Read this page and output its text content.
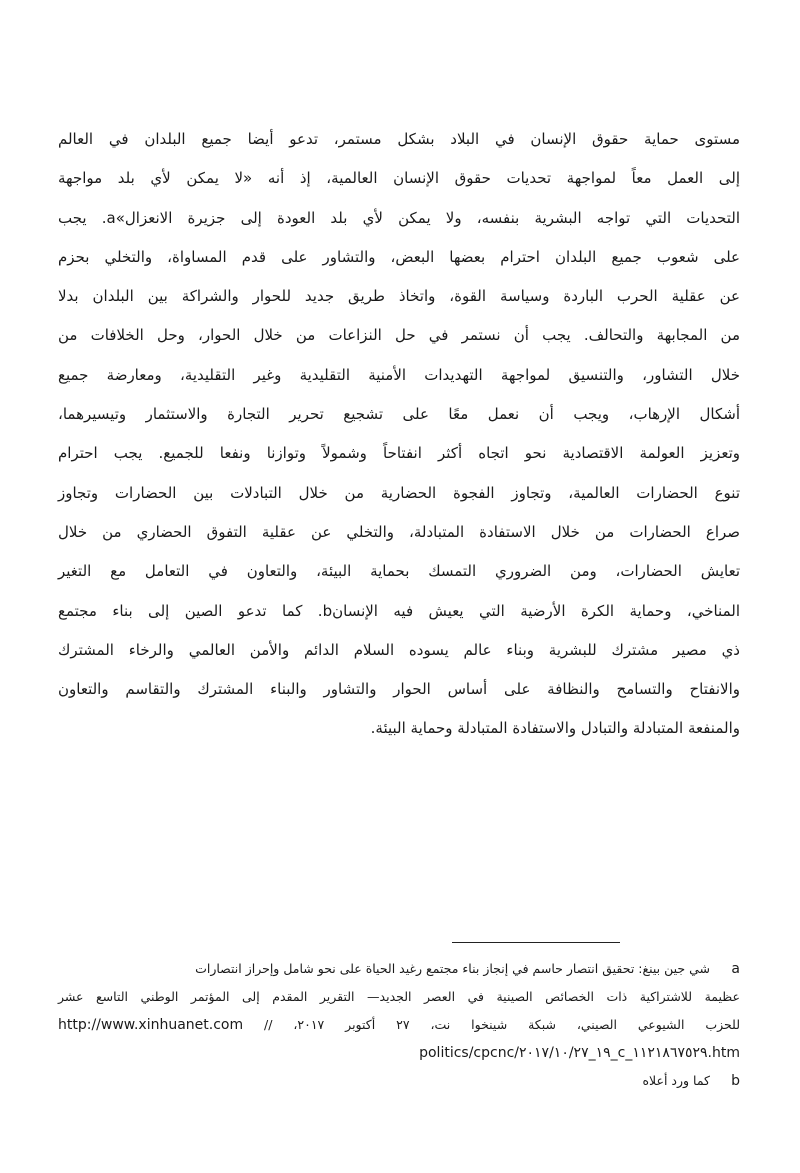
مستوى حماية حقوق الإنسان في البلاد بشكل مستمر، تدعو أيضا جميع البلدان في العالم
إلى العمل معاً لمواجهة تحديات حقوق الإنسان العالمية، إذ أنه «لا يمكن لأي بلد مواجهة
التحديات التي تواجه البشرية بنفسه، ولا يمكن لأي بلد العودة إلى جزيرة الانعزال»a. يجب
على شعوب جميع البلدان احترام بعضها البعض، والتشاور على قدم المساواة، والتخلي بحزم
عن عقلية الحرب الباردة وسياسة القوة، واتخاذ طريق جديد للحوار والشراكة بين البلدان بدلا
من المجابهة والتحالف. يجب أن نستمر في حل النزاعات من خلال الحوار، وحل الخلافات من
خلال التشاور، والتنسيق لمواجهة التهديدات الأمنية التقليدية وغير التقليدية، ومعارضة جميع
أشكال الإرهاب، ويجب أن نعمل معًا على تشجيع تحرير التجارة والاستثمار وتيسيرهما،
وتعزيز العولمة الاقتصادية نحو اتجاه أكثر انفتاحاً وشمولاً وتوازنا ونفعا للجميع. يجب احترام
تنوع الحضارات العالمية، وتجاوز الفجوة الحضارية من خلال التبادلات بين الحضارات وتجاوز
صراع الحضارات من خلال الاستفادة المتبادلة، والتخلي عن عقلية التفوق الحضاري من خلال
تعايش الحضارات، ومن الضروري التمسك بحماية البيئة، والتعاون في التعامل مع التغير
المناخي، وحماية الكرة الأرضية التي يعيش فيه الإنسانb. كما تدعو الصين إلى بناء مجتمع
ذي مصير مشترك للبشرية وبناء عالم يسوده السلام الدائم والأمن العالمي والرخاء المشترك
والانفتاح والتسامح والنظافة على أساس الحوار والتشاور والبناء المشترك والتقاسم والتعاون
والمنفعة المتبادلة والتبادل والاستفادة المتبادلة وحماية البيئة.
a شي جين بينغ: تحقيق انتصار حاسم في إنجاز بناء مجتمع رغيد الحياة على نحو شامل وإحراز انتصارات
عظيمة للاشتراكية ذات الخصائص الصينية في العصر الجديد— التقرير المقدم إلى المؤتمر الوطني التاسع عشر
للحزب الشيوعي الصيني، شبكة شينخوا نت، ٢٧ أكتوبر ٢٠١٧، // http://www.xinhuanet.com
politics/cpcnc/١٩_٢٠١٧/١٠/٢٧_c_١١٢١٨٦٧٥٢٩.htm
b كما ورد أعلاه
